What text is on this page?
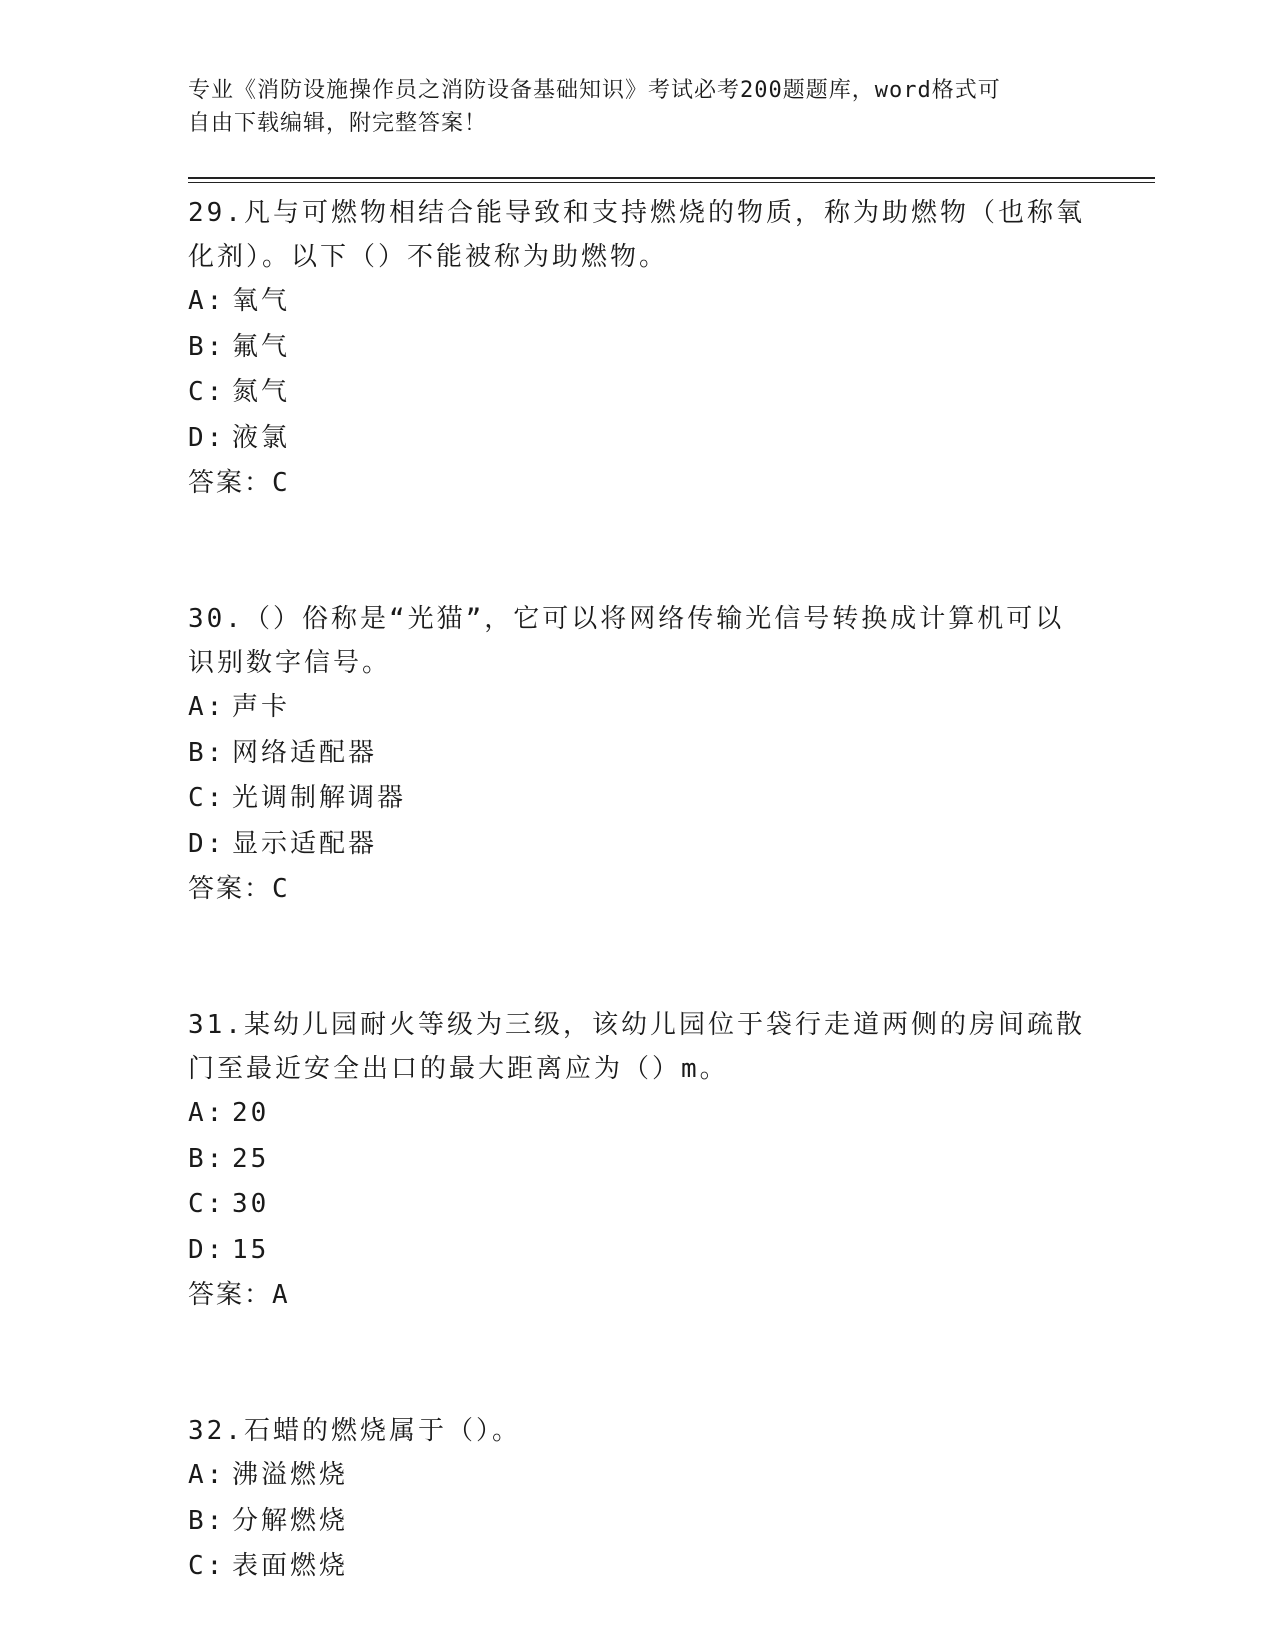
专业《消防设施操作员之消防设备基础知识》考试必考200题题库，word格式可
自由下载编辑，附完整答案！

29.凡与可燃物相结合能导致和支持燃烧的物质，称为助燃物（也称氧化剂）。以下（）不能被称为助燃物。

A: 氧气

B: 氟气

C: 氮气

D: 液氯

答案：C

30.（）俗称是“光猫”，它可以将网络传输光信号转换成计算机可以识别数字信号。

A: 声卡

B: 网络适配器

C: 光调制解调器

D: 显示适配器

答案：C

31.某幼儿园耐火等级为三级，该幼儿园位于袋行走道两侧的房间疏散门至最近安全出口的最大距离应为（）m。

A: 20

B: 25

C: 30

D: 15

答案：A

32.石蜡的燃烧属于（）。

A: 沸溢燃烧

B: 分解燃烧

C: 表面燃烧
